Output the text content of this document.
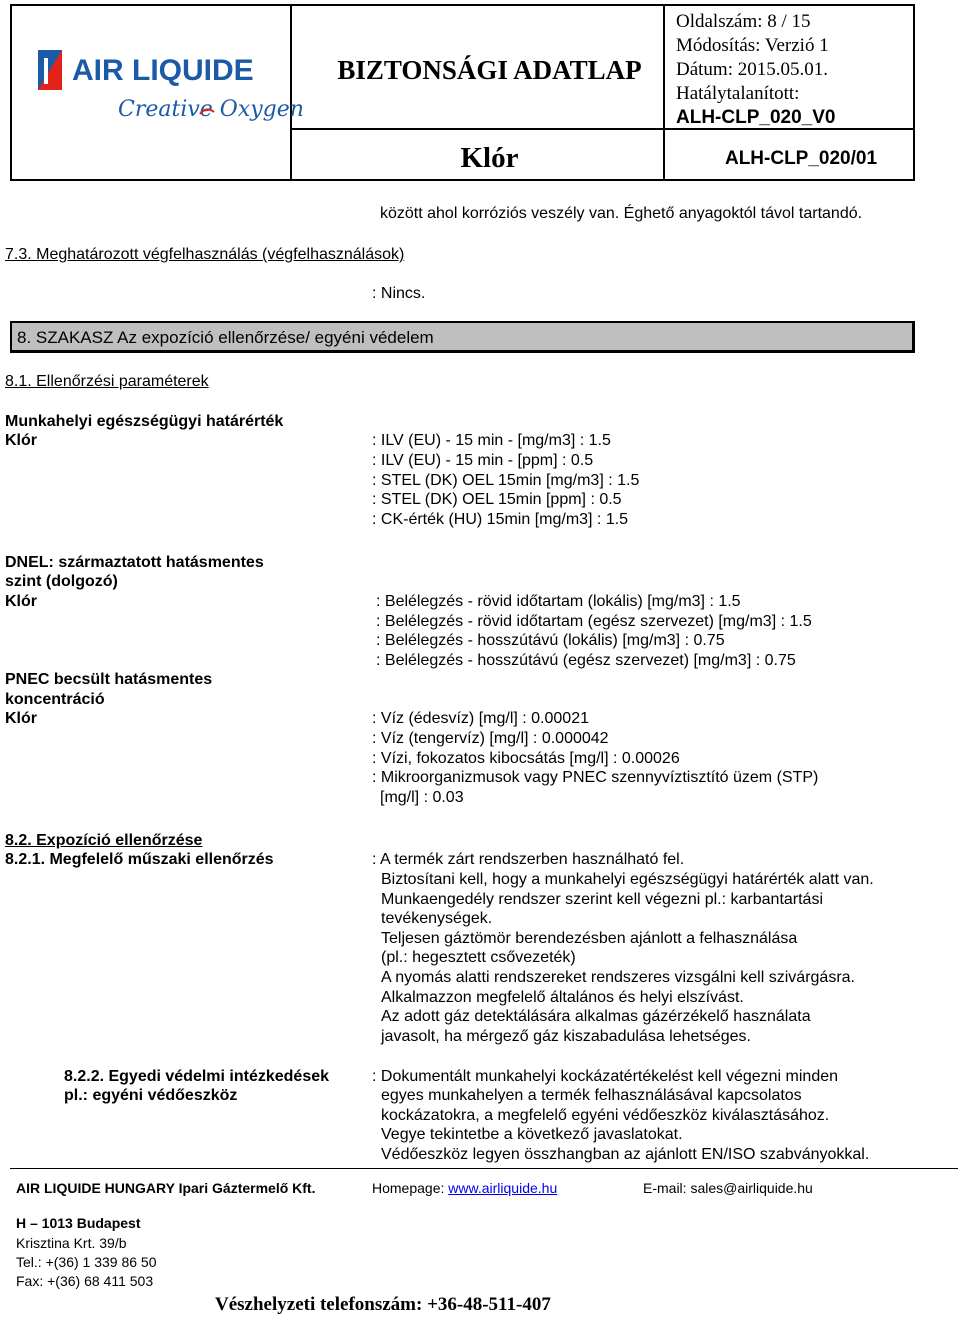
AIR LIQUIDE
Creative Oxygen
BIZTONSÁGI ADATLAP
Klór
Oldalszám: 8 / 15
Módosítás: Verzió 1
Dátum: 2015.05.01.
Hatálytalanított:
ALH-CLP_020_V0
ALH-CLP_020/01
között ahol korróziós veszély van. Éghető anyagoktól távol tartandó.
7.3. Meghatározott végfelhasználás (végfelhasználások)
: Nincs.
8. SZAKASZ Az expozíció ellenőrzése/ egyéni védelem
8.1. Ellenőrzési paraméterek
Munkahelyi egészségügyi határérték
Klór	: ILV (EU) - 15 min - [mg/m3] : 1.5
: ILV (EU) - 15 min - [ppm] : 0.5
: STEL (DK) OEL 15min [mg/m3] : 1.5
: STEL (DK) OEL 15min [ppm] : 0.5
: CK-érték (HU) 15min [mg/m3] : 1.5
DNEL: származtatott hatásmentes
szint (dolgozó)
Klór	: Belélegzés - rövid időtartam (lokális) [mg/m3] : 1.5
: Belélegzés - rövid időtartam (egész szervezet) [mg/m3] : 1.5
: Belélegzés - hosszútávú (lokális) [mg/m3] : 0.75
: Belélegzés - hosszútávú (egész szervezet) [mg/m3] : 0.75
PNEC becsült hatásmentes
koncentráció
Klór	: Víz (édesvíz) [mg/l] : 0.00021
: Víz (tengervíz) [mg/l] : 0.000042
: Vízi, fokozatos kibocsátás [mg/l] : 0.00026
: Mikroorganizmusok vagy PNEC szennyvíztisztító üzem (STP)
[mg/l] : 0.03
8.2. Expozíció ellenőrzése
8.2.1. Megfelelő műszaki ellenőrzés	: A termék zárt rendszerben használható fel.
Biztosítani kell, hogy a munkahelyi egészségügyi határérték alatt van.
Munkaengedély rendszer szerint kell végezni pl.: karbantartási
tevékenységek.
Teljesen gáztömör berendezésben ajánlott a felhasználása
(pl.: hegesztett csővezeték)
A nyomás alatti rendszereket rendszeres vizsgálni kell szivárgásra.
Alkalmazzon megfelelő általános és helyi elszívást.
Az adott gáz detektálására alkalmas gázérzékelő használata
javasolt, ha mérgező gáz kiszabadulása lehetséges.
8.2.2. Egyedi védelmi intézkedések
pl.: egyéni védőeszköz
: Dokumentált munkahelyi kockázatértékelést kell végezni minden
egyes munkahelyen a termék felhasználásával kapcsolatos
kockázatokra, a megfelelő egyéni védőeszköz kiválasztásához.
Vegye tekintetbe a következő javaslatokat.
Védőeszköz legyen összhangban az ajánlott EN/ISO szabványokkal.
AIR LIQUIDE HUNGARY Ipari Gáztermelő Kft.	Homepage: www.airliquide.hu	E-mail: sales@airliquide.hu
H – 1013 Budapest
Krisztina Krt. 39/b
Tel.: +(36) 1 339 86 50
Fax: +(36) 68 411 503
Vészhelyzeti telefonszám: +36-48-511-407
